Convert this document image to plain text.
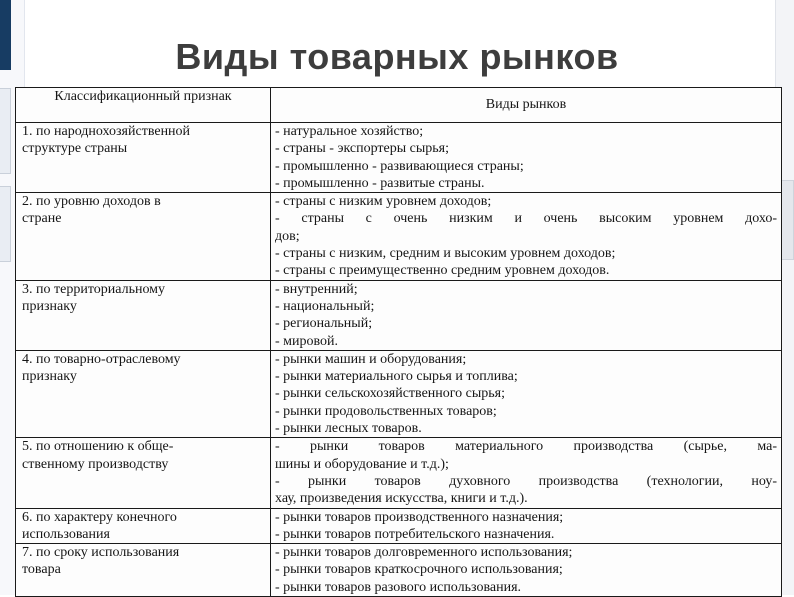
Виды товарных рынков
Классификационный признак	Виды рынков

1. по народнохозяйственной
структуре страны	- натуральное хозяйство;
- страны - экспортеры сырья;
- промышленно - развивающиеся страны;
- промышленно - развитые страны.

2. по уровню доходов в
стране	- страны с низким уровнем доходов;
- страны с очень низким и очень высоким уровнем дохо-
дов;
- страны с низким, средним и высоким уровнем доходов;
- страны с преимущественно средним уровнем доходов.

3. по территориальному
признаку	- внутренний;
- национальный;
- региональный;
- мировой.

4. по товарно-отраслевому
признаку	- рынки машин и оборудования;
- рынки материального сырья и топлива;
- рынки сельскохозяйственного сырья;
- рынки продовольственных товаров;
- рынки лесных товаров.

5. по отношению к обще-
ственному производству	- рынки товаров материального производства (сырье, ма-
шины и оборудование и т.д.);
- рынки товаров духовного производства (технологии, ноу-
хау, произведения искусства, книги и т.д.).

6. по характеру конечного
использования	- рынки товаров производственного назначения;
- рынки товаров потребительского назначения.

7. по сроку использования
товара	- рынки товаров долговременного использования;
- рынки товаров краткосрочного использования;
- рынки товаров разового использования.
